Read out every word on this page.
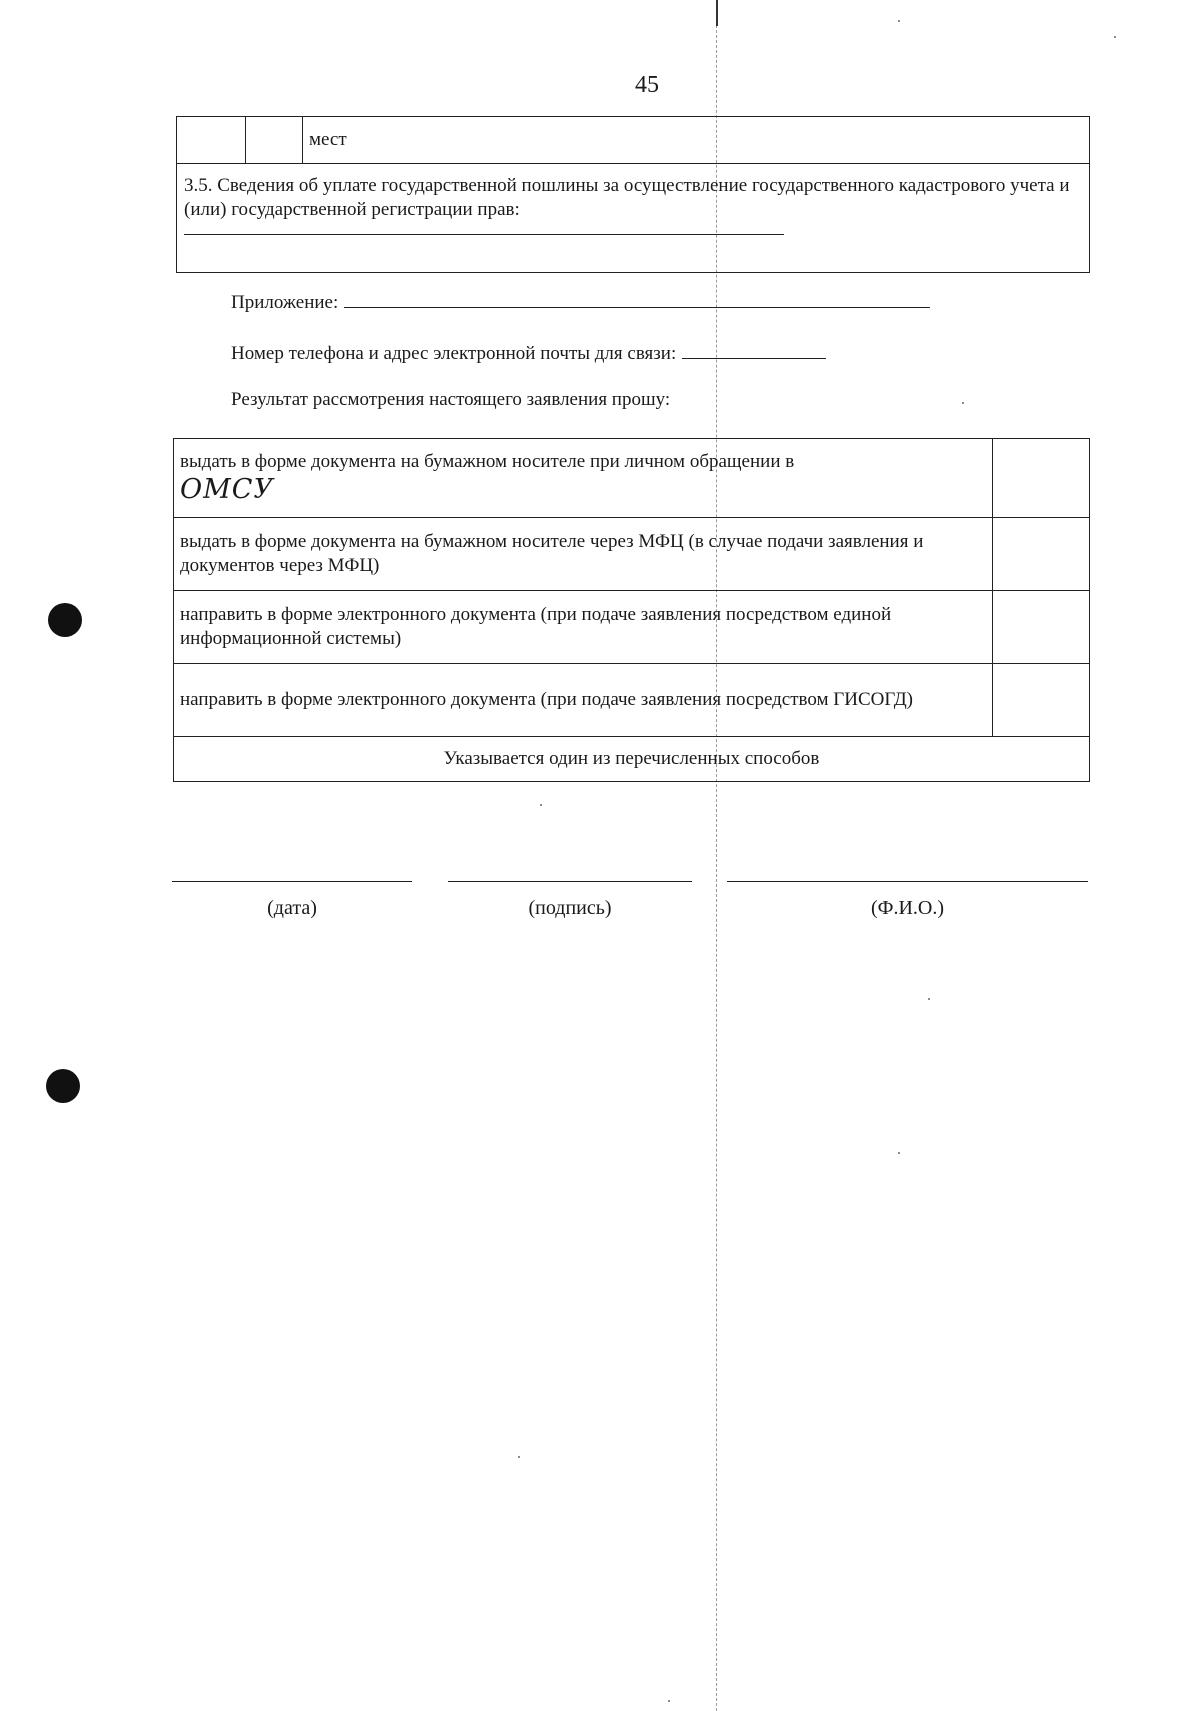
45
		мест
3.5. Сведения об уплате государственной пошлины за осуществление государственного кадастрового учета и (или) государственной регистрации прав:
Приложение:
Номер телефона и адрес электронной почты для связи:
Результат рассмотрения настоящего заявления прошу:
выдать в форме документа на бумажном носителе при личном обращении в
ОМСУ	

выдать в форме документа на бумажном носителе через МФЦ (в случае подачи заявления и документов через МФЦ)	
направить в форме электронного документа (при подаче заявления посредством единой информационной системы)	
направить в форме электронного документа (при подаче заявления посредством ГИСОГД)	
Указывается один из перечисленных способов	
(дата)	(подпись)	(Ф.И.О.)
